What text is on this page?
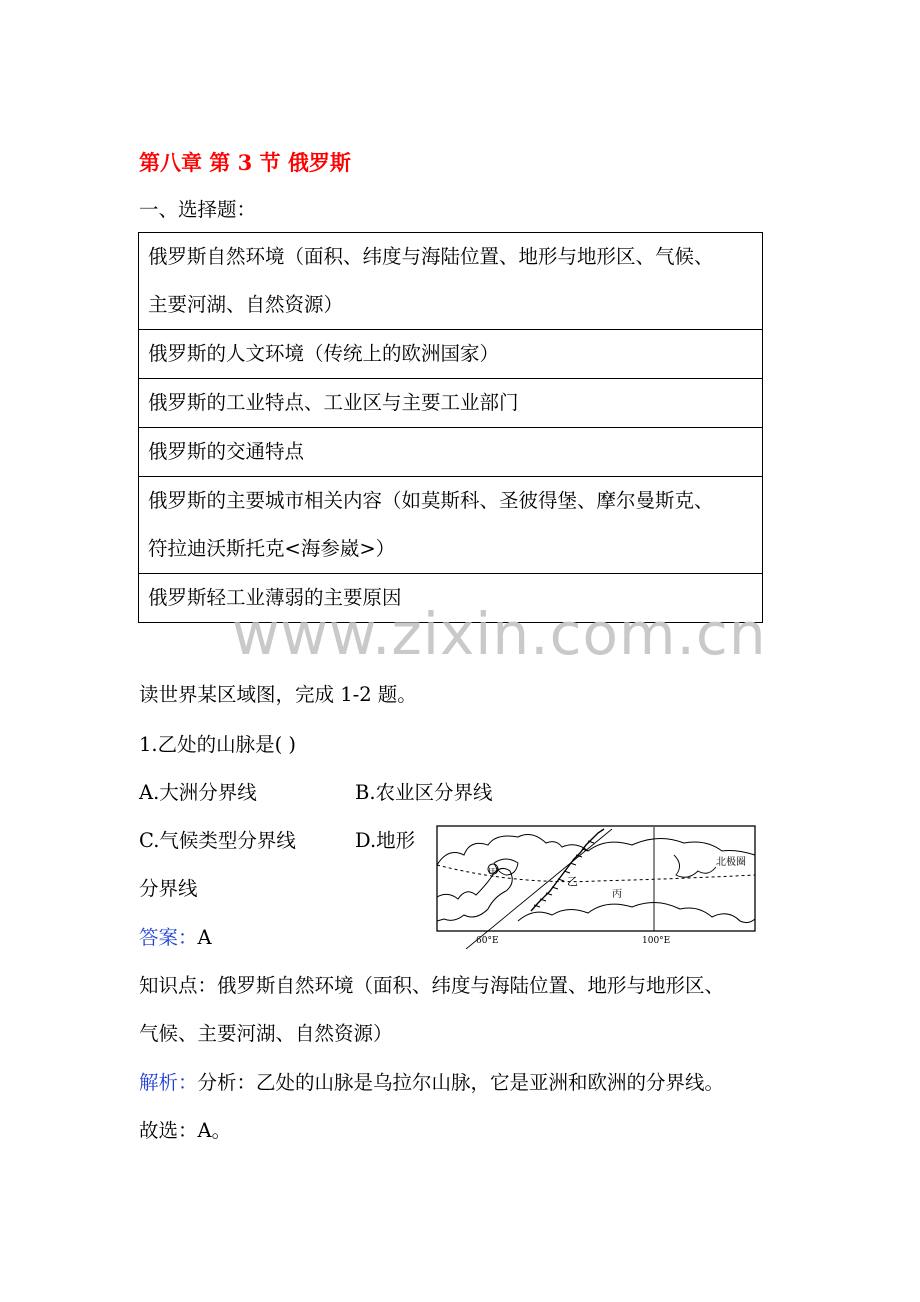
第八章 第 3 节 俄罗斯
一、选择题：
俄罗斯自然环境（面积、纬度与海陆位置、地形与地形区、气候、
主要河湖、自然资源）

俄罗斯的人文环境（传统上的欧洲国家）
俄罗斯的工业特点、工业区与主要工业部门
俄罗斯的交通特点

俄罗斯的主要城市相关内容（如莫斯科、圣彼得堡、摩尔曼斯克、
符拉迪沃斯托克<海参崴>）

俄罗斯轻工业薄弱的主要原因
www.zixin.com.cn
读世界某区域图，完成 1-2 题。
1.乙处的山脉是( )
A.大洲分界线	B.农业区分界线
C.气候类型分界线	D.地形
分界线
答案：A
知识点：俄罗斯自然环境（面积、纬度与海陆位置、地形与地形区、
气候、主要河湖、自然资源）
解析：分析：乙处的山脉是乌拉尔山脉，它是亚洲和欧洲的分界线。
故选：A。
甲
乙
丙
北极圈
60°E	100°E
